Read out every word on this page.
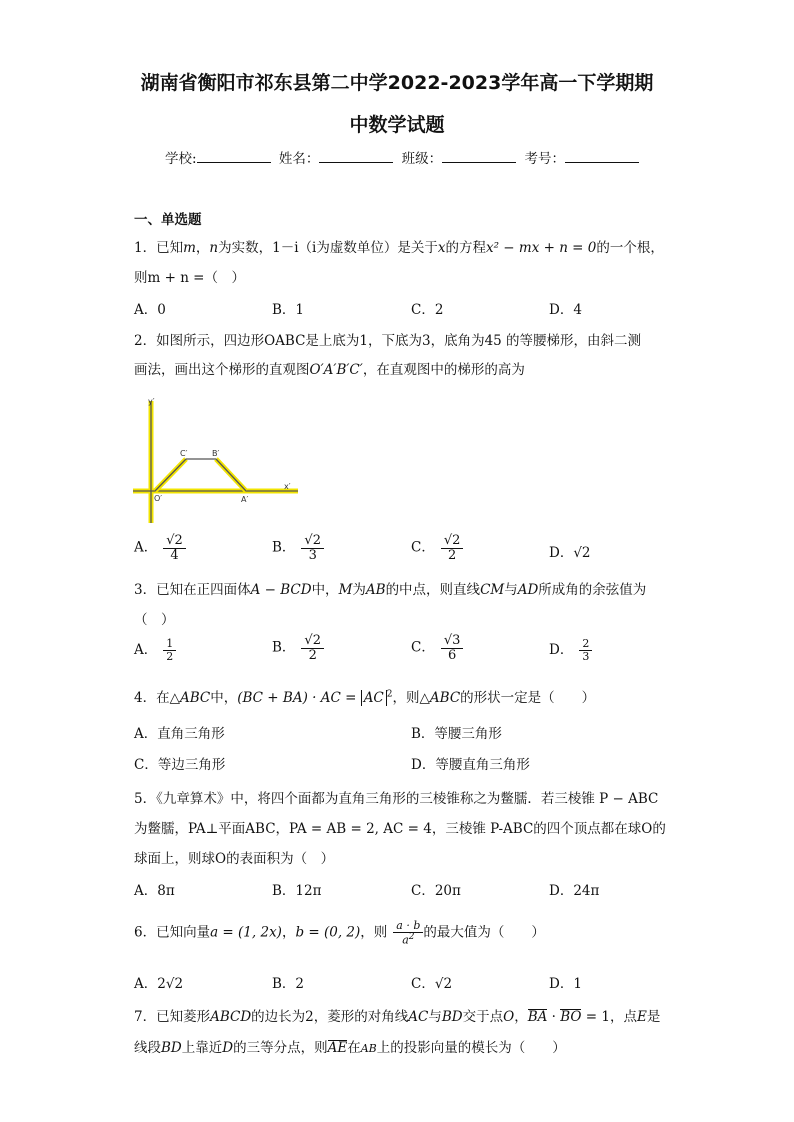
湖南省衡阳市祁东县第二中学2022-2023学年高一下学期期
中数学试题
学校:	姓名：	班级：	考号：
一、单选题
1．已知m，n为实数，1－i（i为虚数单位）是关于x的方程x² − mx + n = 0的一个根，
则m + n =（　）
A．0	B．1	C．2	D．4
2．如图所示，四边形OABC是上底为1，下底为3，底角为45 的等腰梯形，由斜二测
画法，画出这个梯形的直观图O′A′B′C′，在直观图中的梯形的高为
y′
C′	B′
O′	A′
x′
A． $\frac{√2}{4}$	B． $\frac{√2}{3}$	C． $\frac{√2}{2}$	D．√2
3．已知在正四面体A − BCD中，M为AB的中点，则直线CM与AD所成角的余弦值为
（　）
A． $\frac{1}{2}$	B． $\frac{√2}{2}$	C． $\frac{√3}{6}$	D． $\frac{2}{3}$
4．在△ABC中，(BC + BA) · AC = AC $^2$，则△ABC的形状一定是（　　）
A．直角三角形	B．等腰三角形
C．等边三角形	D．等腰直角三角形
5．《九章算术》中，将四个面都为直角三角形的三棱锥称之为鳖臑．若三棱锥 P − ABC
为鳖臑，PA⊥平面ABC，PA = AB = 2, AC = 4，三棱锥 P-ABC的四个顶点都在球O的
球面上，则球O的表面积为（　）
A．8π	B．12π	C．20π	D．24π
6．已知向量a = (1, 2x)，b = (0, 2)，则 $\frac{a \cdot b}{a^2}$ 的最大值为（　　）
A．2√2	B．2	C．√2	D．1
7．已知菱形ABCD的边长为2，菱形的对角线AC与BD交于点O，BA · BO = 1，点E是
线段BD上靠近D的三等分点，则AE在AB上的投影向量的模长为（　　）
